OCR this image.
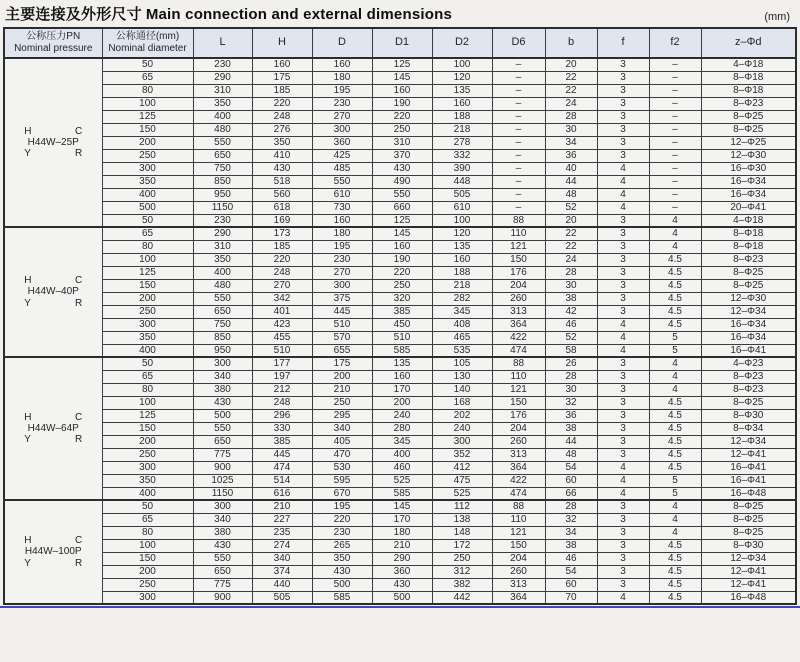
主要连接及外形尺寸 Main connection and external dimensions	(mm)
公称压力PN
Nominal pressure

公称通径(mm)
Nominal diameter
	L	H	D	D1	D2	D6	b	f	f2	z–Φd

H C
H44W–25P
Y R	50	230	160	160	125	100	–	20	3	–	4–Φ18
	65	290	175	180	145	120	–	22	3	–	8–Φ18
	80	310	185	195	160	135	–	22	3	–	8–Φ18
	100	350	220	230	190	160	–	24	3	–	8–Φ23
	125	400	248	270	220	188	–	28	3	–	8–Φ25
	150	480	276	300	250	218	–	30	3	–	8–Φ25
	200	550	350	360	310	278	–	34	3	–	12–Φ25
	250	650	410	425	370	332	–	36	3	–	12–Φ30
	300	750	430	485	430	390	–	40	4	–	16–Φ30
	350	850	518	550	490	448	–	44	4	–	16–Φ34
	400	950	560	610	550	505	–	48	4	–	16–Φ34
	500	1150	618	730	660	610	–	52	4	–	20–Φ41
	50	230	169	160	125	100	88	20	3	4	4–Φ18

H C
H44W–40P
Y R	65	290	173	180	145	120	110	22	3	4	8–Φ18
	80	310	185	195	160	135	121	22	3	4	8–Φ18
	100	350	220	230	190	160	150	24	3	4.5	8–Φ23
	125	400	248	270	220	188	176	28	3	4.5	8–Φ25
	150	480	270	300	250	218	204	30	3	4.5	8–Φ25
	200	550	342	375	320	282	260	38	3	4.5	12–Φ30
	250	650	401	445	385	345	313	42	3	4.5	12–Φ34
	300	750	423	510	450	408	364	46	4	4.5	16–Φ34
	350	850	455	570	510	465	422	52	4	5	16–Φ34
	400	950	510	655	585	535	474	58	4	5	16–Φ41

H C
H44W–64P
Y R	50	300	177	175	135	105	88	26	3	4	4–Φ23
	65	340	197	200	160	130	110	28	3	4	8–Φ23
	80	380	212	210	170	140	121	30	3	4	8–Φ23
	100	430	248	250	200	168	150	32	3	4.5	8–Φ25
	125	500	296	295	240	202	176	36	3	4.5	8–Φ30
	150	550	330	340	280	240	204	38	3	4.5	8–Φ34
	200	650	385	405	345	300	260	44	3	4.5	12–Φ34
	250	775	445	470	400	352	313	48	3	4.5	12–Φ41
	300	900	474	530	460	412	364	54	4	4.5	16–Φ41
	350	1025	514	595	525	475	422	60	4	5	16–Φ41
	400	1150	616	670	585	525	474	66	4	5	16–Φ48

H C
H44W–100P
Y R	50	300	210	195	145	112	88	28	3	4	8–Φ25
	65	340	227	220	170	138	110	32	3	4	8–Φ25
	80	380	235	230	180	148	121	34	3	4	8–Φ25
	100	430	274	265	210	172	150	38	3	4.5	8–Φ30
	150	550	340	350	290	250	204	46	3	4.5	12–Φ34
	200	650	374	430	360	312	260	54	3	4.5	12–Φ41
	250	775	440	500	430	382	313	60	3	4.5	12–Φ41
	300	900	505	585	500	442	364	70	4	4.5	16–Φ48
